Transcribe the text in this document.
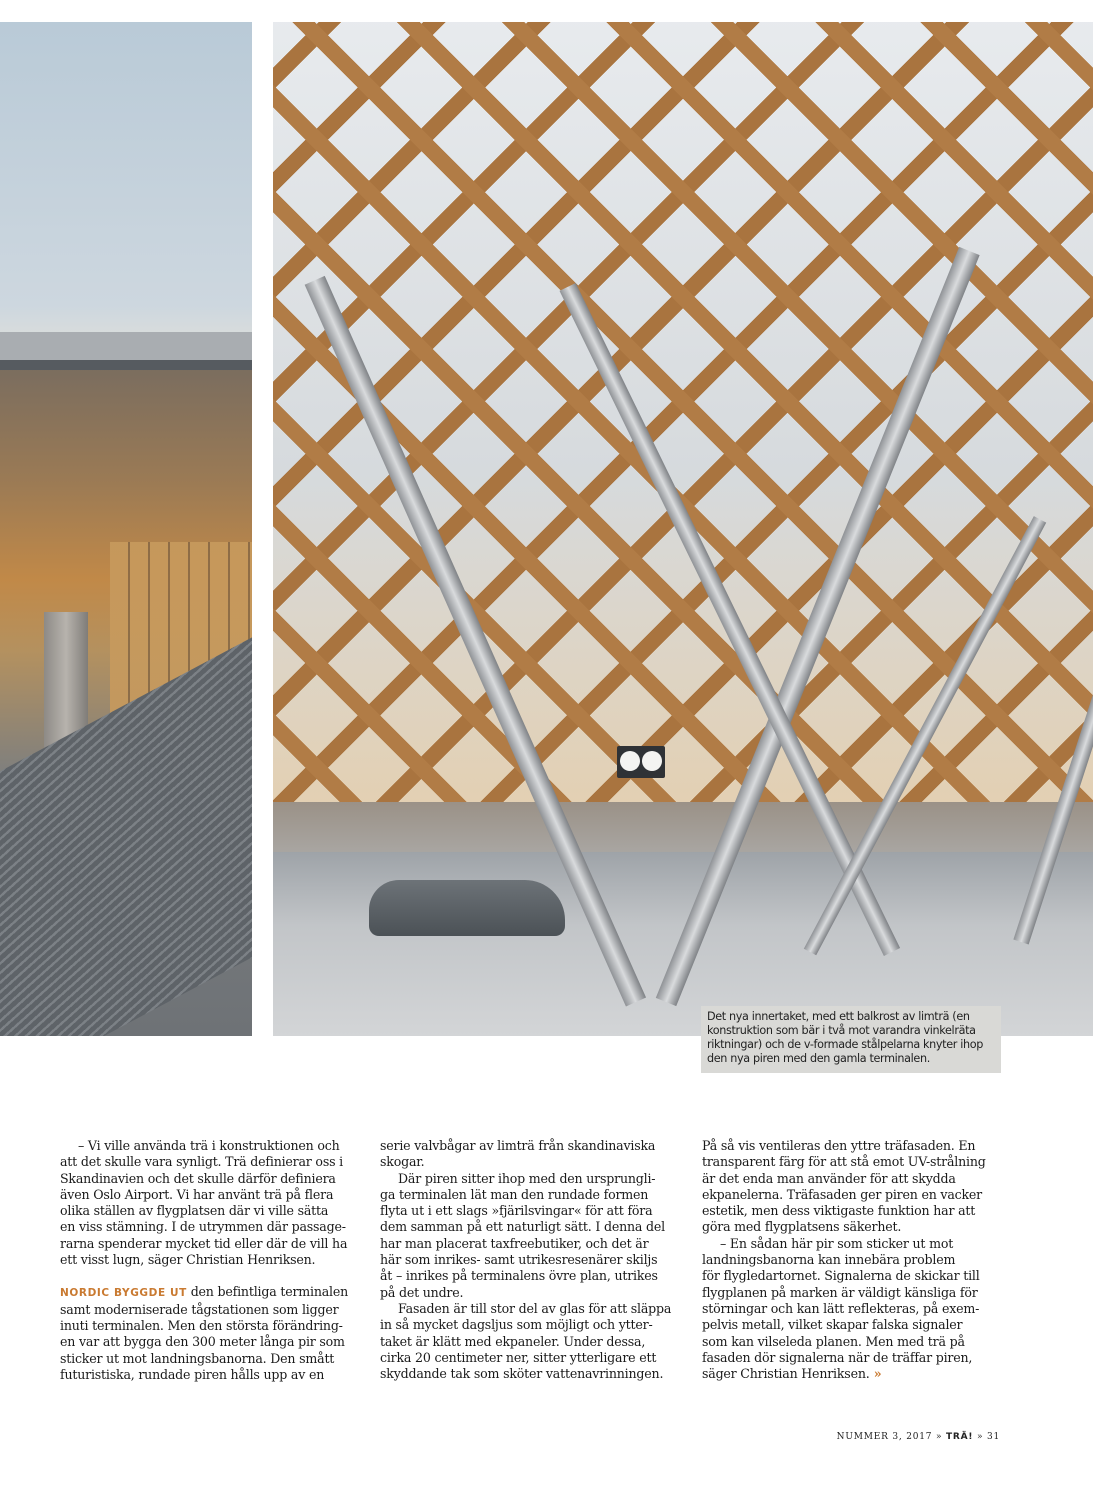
Det nya innertaket, med ett balkrost av limträ (en
konstruktion som bär i två mot varandra vinkelräta
riktningar) och de v-formade stålpelarna knyter ihop
den nya piren med den gamla terminalen.
– Vi ville använda trä i konstruktionen och
att det skulle vara synligt. Trä definierar oss i
Skandinavien och det skulle därför definiera
även Oslo Airport. Vi har använt trä på flera
olika ställen av flygplatsen där vi ville sätta
en viss stämning. I de utrymmen där passage-
rarna spenderar mycket tid eller där de vill ha
ett visst lugn, säger Christian Henriksen.
NORDIC BYGGDE UT den befintliga terminalen
samt moderniserade tågstationen som ligger
inuti terminalen. Men den största förändring-
en var att bygga den 300 meter långa pir som
sticker ut mot landningsbanorna. Den smått
futuristiska, rundade piren hålls upp av en
serie valvbågar av limträ från skandinaviska
skogar.
Där piren sitter ihop med den ursprungli-
ga terminalen lät man den rundade formen
flyta ut i ett slags »fjärilsvingar« för att föra
dem samman på ett naturligt sätt. I denna del
har man placerat taxfreebutiker, och det är
här som inrikes- samt utrikesresenärer skiljs
åt – inrikes på terminalens övre plan, utrikes
på det undre.
Fasaden är till stor del av glas för att släppa
in så mycket dagsljus som möjligt och ytter-
taket är klätt med ekpaneler. Under dessa,
cirka 20 centimeter ner, sitter ytterligare ett
skyddande tak som sköter vattenavrinningen.
På så vis ventileras den yttre träfasaden. En
transparent färg för att stå emot UV-strålning
är det enda man använder för att skydda
ekpanelerna. Träfasaden ger piren en vacker
estetik, men dess viktigaste funktion har att
göra med flygplatsens säkerhet.
– En sådan här pir som sticker ut mot
landningsbanorna kan innebära problem
för flygledartornet. Signalerna de skickar till
flygplanen på marken är väldigt känsliga för
störningar och kan lätt reflekteras, på exem-
pelvis metall, vilket skapar falska signaler
som kan vilseleda planen. Men med trä på
fasaden dör signalerna när de träffar piren,
säger Christian Henriksen. »
NUMMER 3, 2017 » TRÄ! » 31
